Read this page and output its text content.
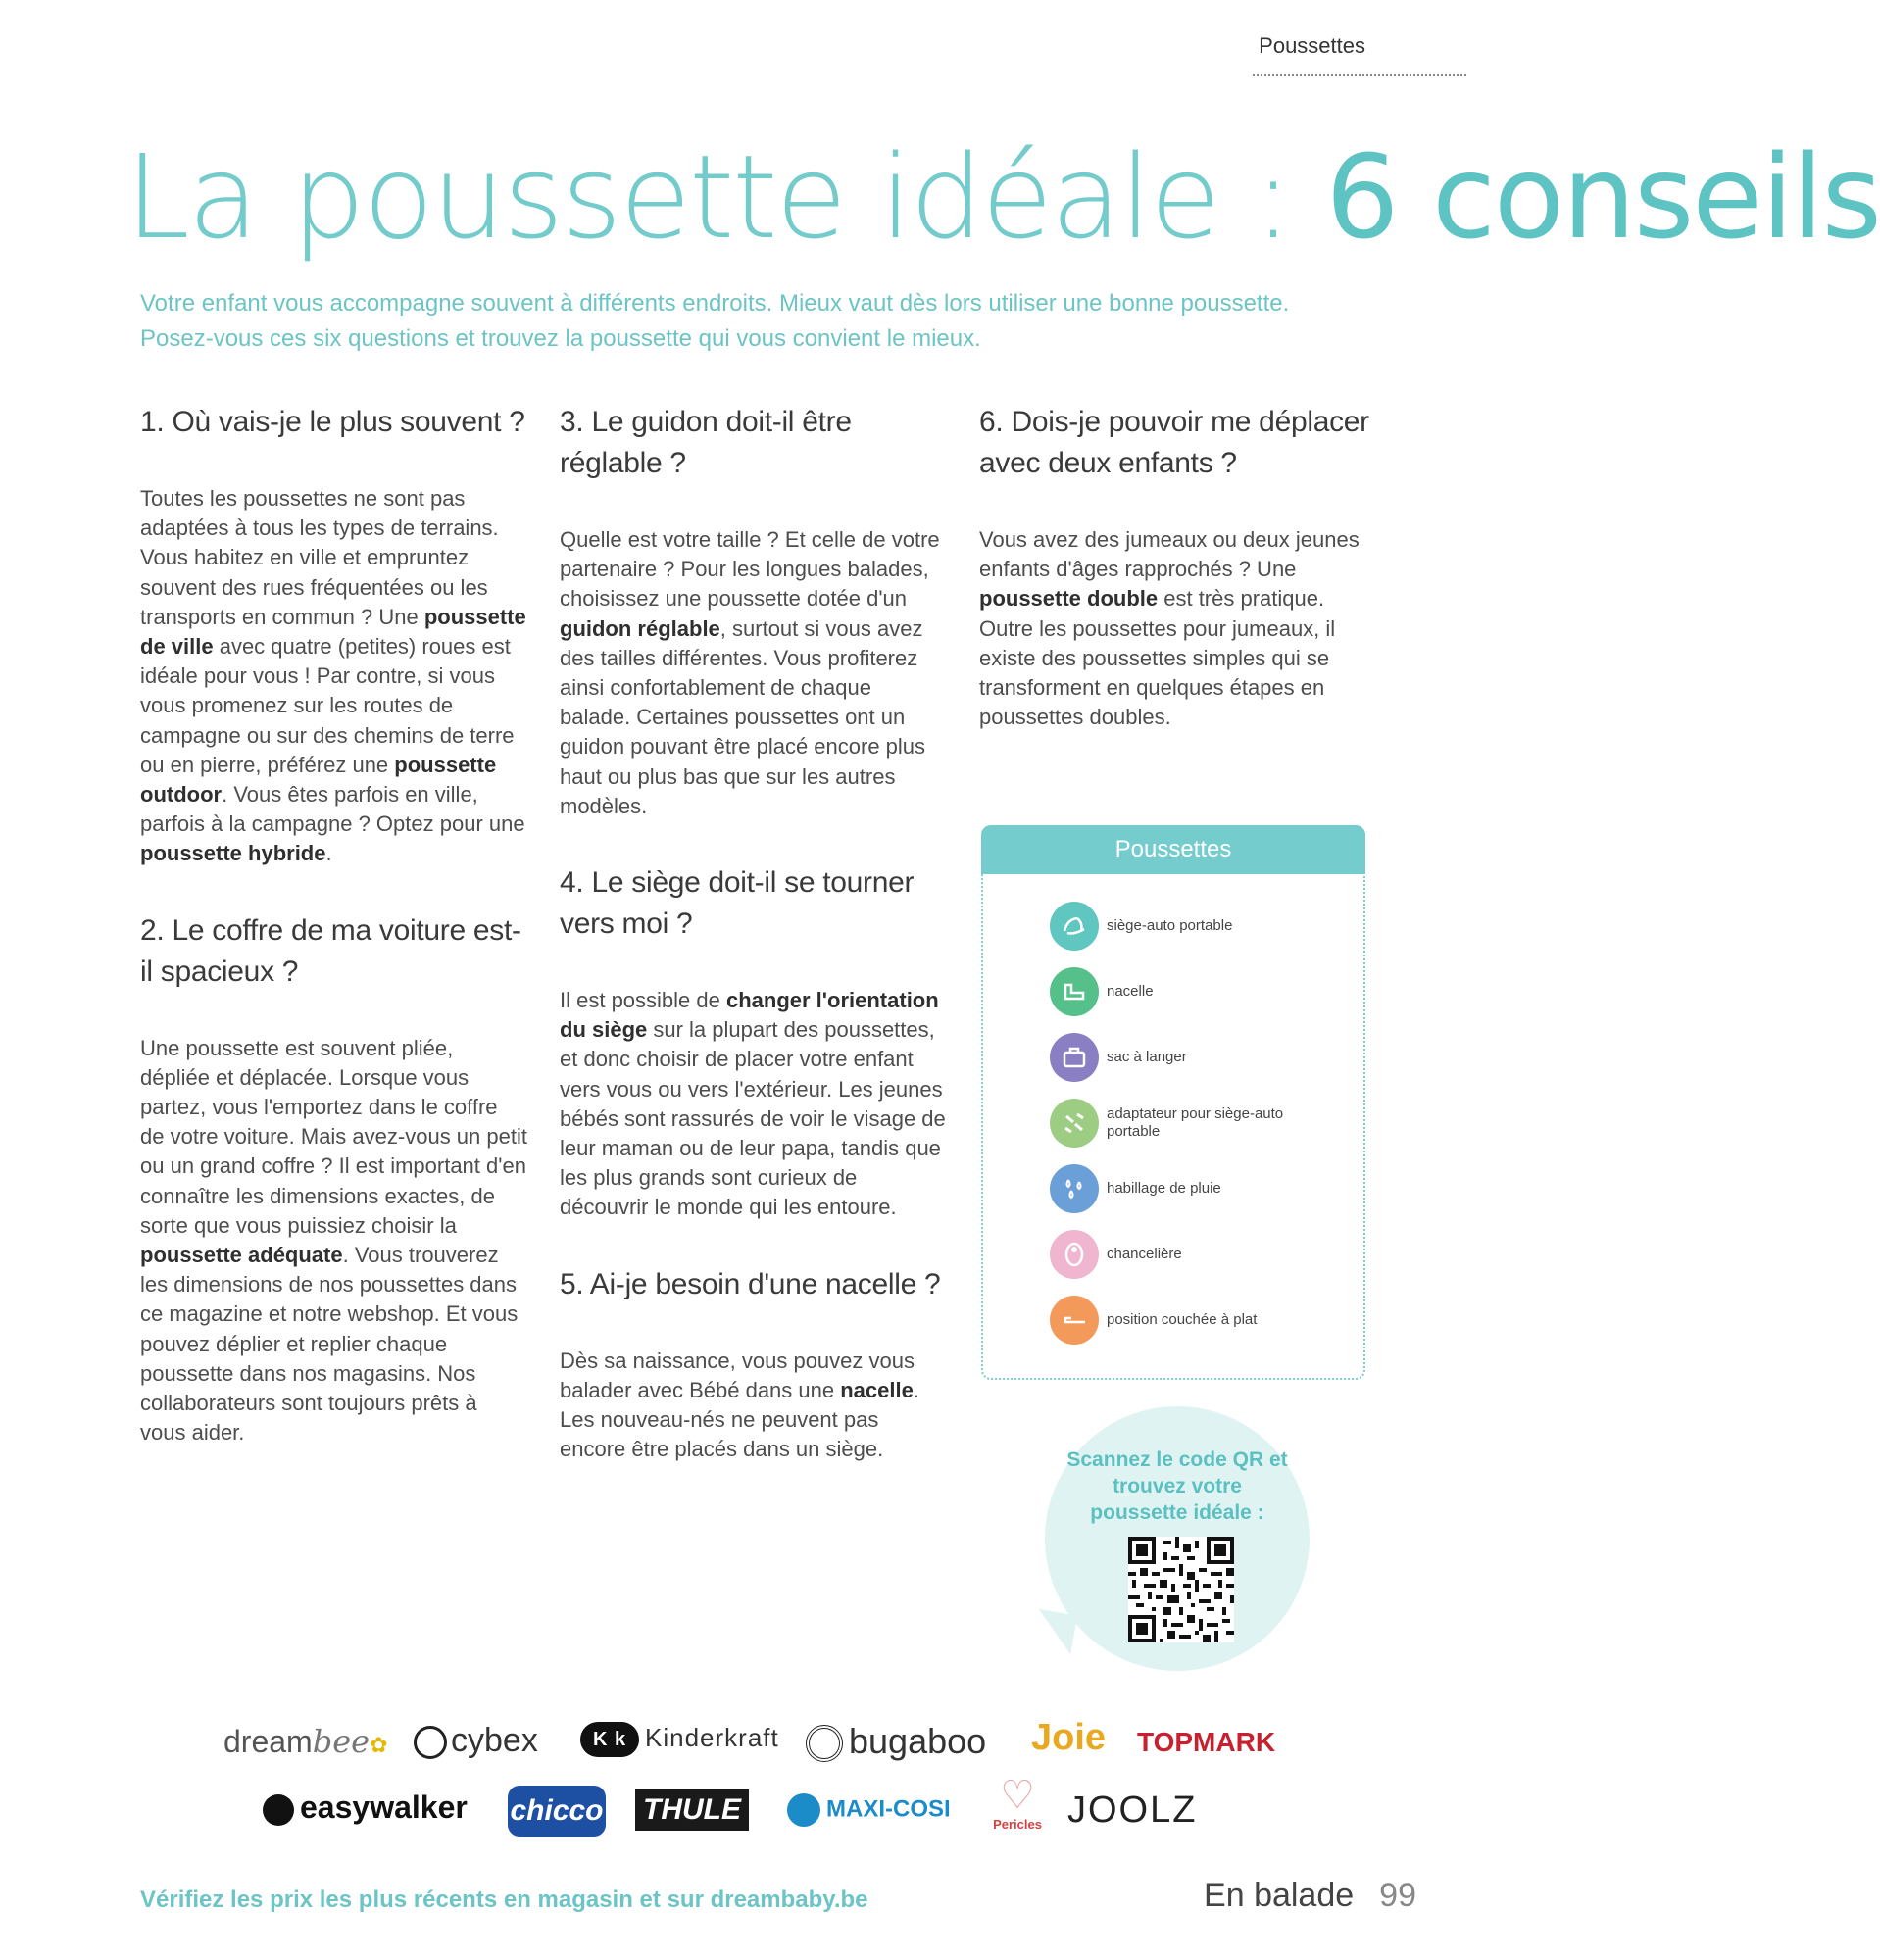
Poussettes
La poussette idéale : 6 conseils
Votre enfant vous accompagne souvent à différents endroits. Mieux vaut dès lors utiliser une bonne poussette. Posez-vous ces six questions et trouvez la poussette qui vous convient le mieux.
1. Où vais-je le plus souvent ?

Toutes les poussettes ne sont pas adaptées à tous les types de terrains. Vous habitez en ville et empruntez souvent des rues fréquentées ou les transports en commun ? Une poussette de ville avec quatre (petites) roues est idéale pour vous ! Par contre, si vous vous promenez sur les routes de campagne ou sur des chemins de terre ou en pierre, préférez une poussette outdoor. Vous êtes parfois en ville, parfois à la campagne ? Optez pour une poussette hybride.

2. Le coffre de ma voiture est-il spacieux ?

Une poussette est souvent pliée, dépliée et déplacée. Lorsque vous partez, vous l'emportez dans le coffre de votre voiture. Mais avez-vous un petit ou un grand coffre ? Il est important d'en connaître les dimensions exactes, de sorte que vous puissiez choisir la poussette adéquate. Vous trouverez les dimensions de nos poussettes dans ce magazine et notre webshop. Et vous pouvez déplier et replier chaque poussette dans nos magasins. Nos collaborateurs sont toujours prêts à vous aider.

3. Le guidon doit-il être réglable ?

Quelle est votre taille ? Et celle de votre partenaire ? Pour les longues balades, choisissez une poussette dotée d'un guidon réglable, surtout si vous avez des tailles différentes. Vous profiterez ainsi confortablement de chaque balade. Certaines poussettes ont un guidon pouvant être placé encore plus haut ou plus bas que sur les autres modèles.

4. Le siège doit-il se tourner vers moi ?

Il est possible de changer l'orientation du siège sur la plupart des poussettes, et donc choisir de placer votre enfant vers vous ou vers l'extérieur. Les jeunes bébés sont rassurés de voir le visage de leur maman ou de leur papa, tandis que les plus grands sont curieux de découvrir le monde qui les entoure.

5. Ai-je besoin d'une nacelle ?

Dès sa naissance, vous pouvez vous balader avec Bébé dans une nacelle. Les nouveau-nés ne peuvent pas encore être placés dans un siège.

6. Dois-je pouvoir me déplacer avec deux enfants ?

Vous avez des jumeaux ou deux jeunes enfants d'âges rapprochés ? Une poussette double est très pratique. Outre les poussettes pour jumeaux, il existe des poussettes simples qui se transforment en quelques étapes en poussettes doubles.

Poussettes
siège-auto portable
nacelle
sac à langer
adaptateur pour siège-auto portable
habillage de pluie
chancelière
position couchée à plat
Scannez le code QR et trouvez votre poussette idéale :
dreambee✿	cybex	K k Kinderkraft	bugaboo Joie TOPMARK
easywalker chicco THULE	MAXI-COSI	♡
Pericles JOOLZ
Vérifiez les prix les plus récents en magasin et sur dreambaby.be	En balade 99
